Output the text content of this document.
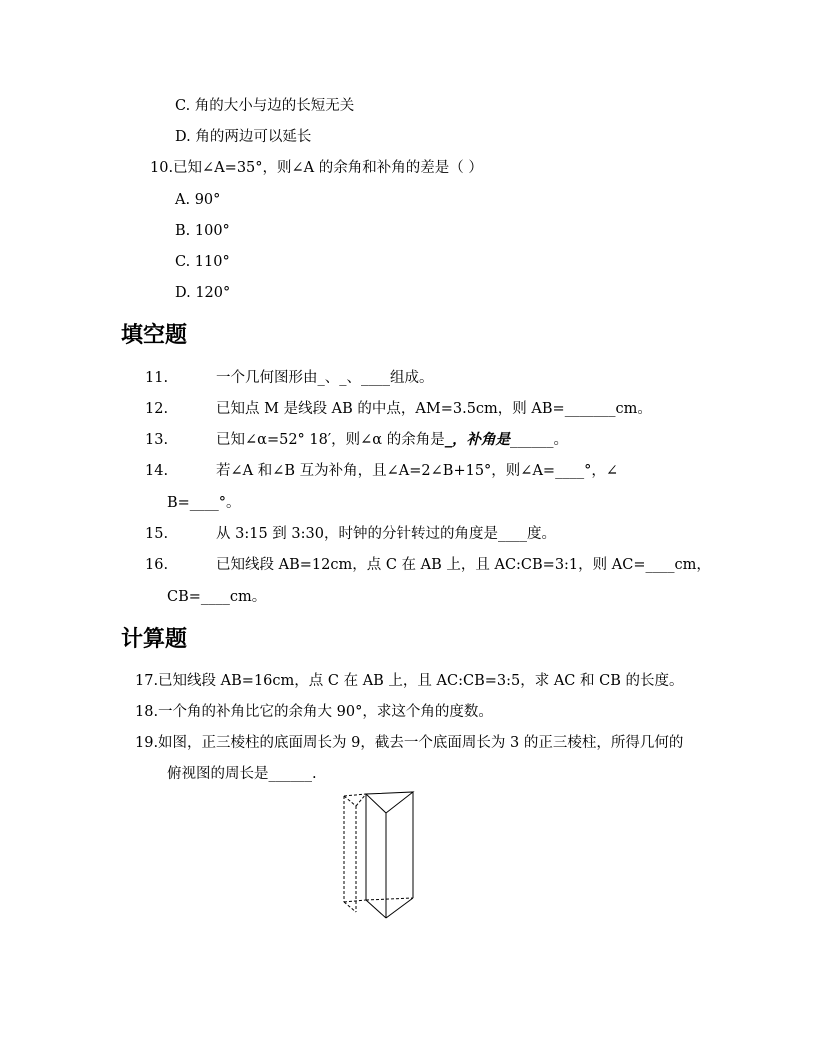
C. 角的大小与边的长短无关
D. 角的两边可以延长
10.已知∠A=35°，则∠A 的余角和补角的差是（ ）
A. 90°
B. 100°
C. 110°
D. 120°
填空题
11.	一个几何图形由_、_、____组成。
12.	已知点 M 是线段 AB 的中点，AM=3.5cm，则 AB=_______cm。
13.	已知∠α=52° 18′，则∠α 的余角是_，补角是______。
14.	若∠A 和∠B 互为补角，且∠A=2∠B+15°，则∠A=____°，∠
B=____°。
15.	从 3:15 到 3:30，时钟的分针转过的角度是____度。
16.	已知线段 AB=12cm，点 C 在 AB 上，且 AC:CB=3:1，则 AC=____cm，
CB=____cm。
计算题
17.已知线段 AB=16cm，点 C 在 AB 上，且 AC:CB=3:5，求 AC 和 CB 的长度。
18.一个角的补角比它的余角大 90°，求这个角的度数。
19.如图，正三棱柱的底面周长为 9，截去一个底面周长为 3 的正三棱柱，所得几何的
俯视图的周长是______.
